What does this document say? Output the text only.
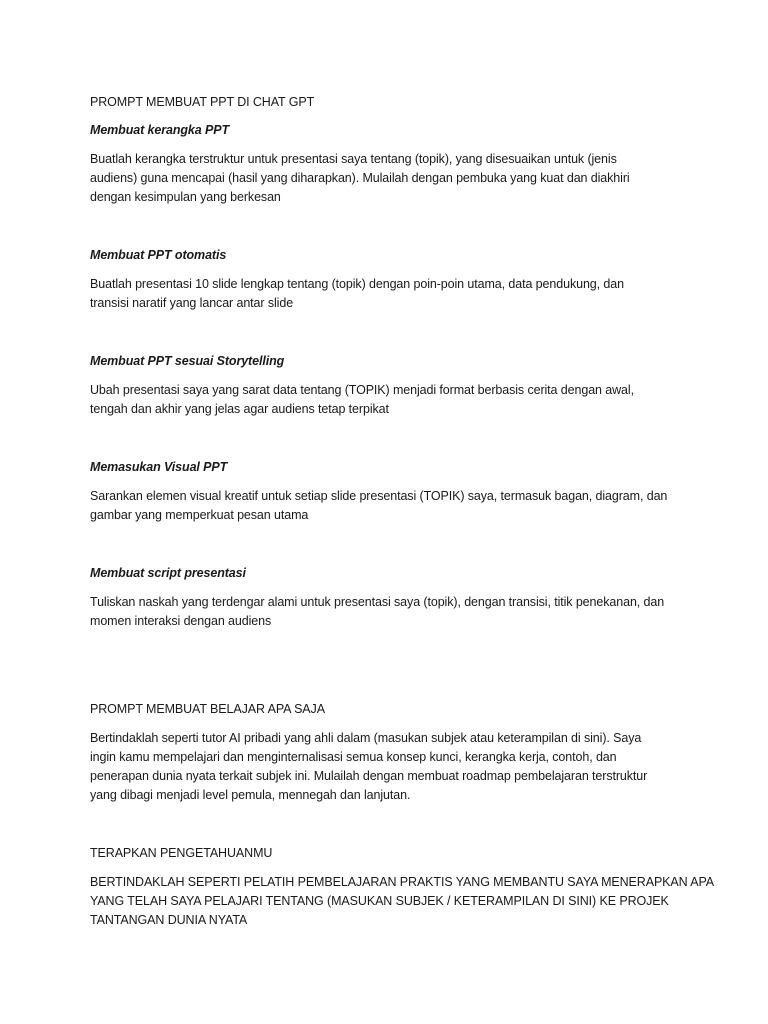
PROMPT MEMBUAT PPT DI CHAT GPT

Membuat kerangka PPT

Buatlah kerangka terstruktur untuk presentasi saya tentang (topik), yang disesuaikan untuk (jenis

audiens) guna mencapai (hasil yang diharapkan). Mulailah dengan pembuka yang kuat dan diakhiri

dengan kesimpulan yang berkesan

Membuat PPT otomatis

Buatlah presentasi 10 slide lengkap tentang (topik) dengan poin-poin utama, data pendukung, dan

transisi naratif yang lancar antar slide

Membuat PPT sesuai Storytelling

Ubah presentasi saya yang sarat data tentang (TOPIK) menjadi format berbasis cerita dengan awal,

tengah dan akhir yang jelas agar audiens tetap terpikat

Memasukan Visual PPT

Sarankan elemen visual kreatif untuk setiap slide presentasi (TOPIK) saya, termasuk bagan, diagram, dan

gambar yang memperkuat pesan utama

Membuat script presentasi

Tuliskan naskah yang terdengar alami untuk presentasi saya (topik), dengan transisi, titik penekanan, dan

momen interaksi dengan audiens

PROMPT MEMBUAT BELAJAR APA SAJA

Bertindaklah seperti tutor AI pribadi yang ahli dalam (masukan subjek atau keterampilan di sini). Saya

ingin kamu mempelajari dan menginternalisasi semua konsep kunci, kerangka kerja, contoh, dan

penerapan dunia nyata terkait subjek ini. Mulailah dengan membuat roadmap pembelajaran terstruktur

yang dibagi menjadi level pemula, mennegah dan lanjutan.

TERAPKAN PENGETAHUANMU

BERTINDAKLAH SEPERTI PELATIH PEMBELAJARAN PRAKTIS YANG MEMBANTU SAYA MENERAPKAN APA

YANG TELAH SAYA PELAJARI TENTANG (MASUKAN SUBJEK / KETERAMPILAN DI SINI) KE PROJEK

TANTANGAN DUNIA NYATA
